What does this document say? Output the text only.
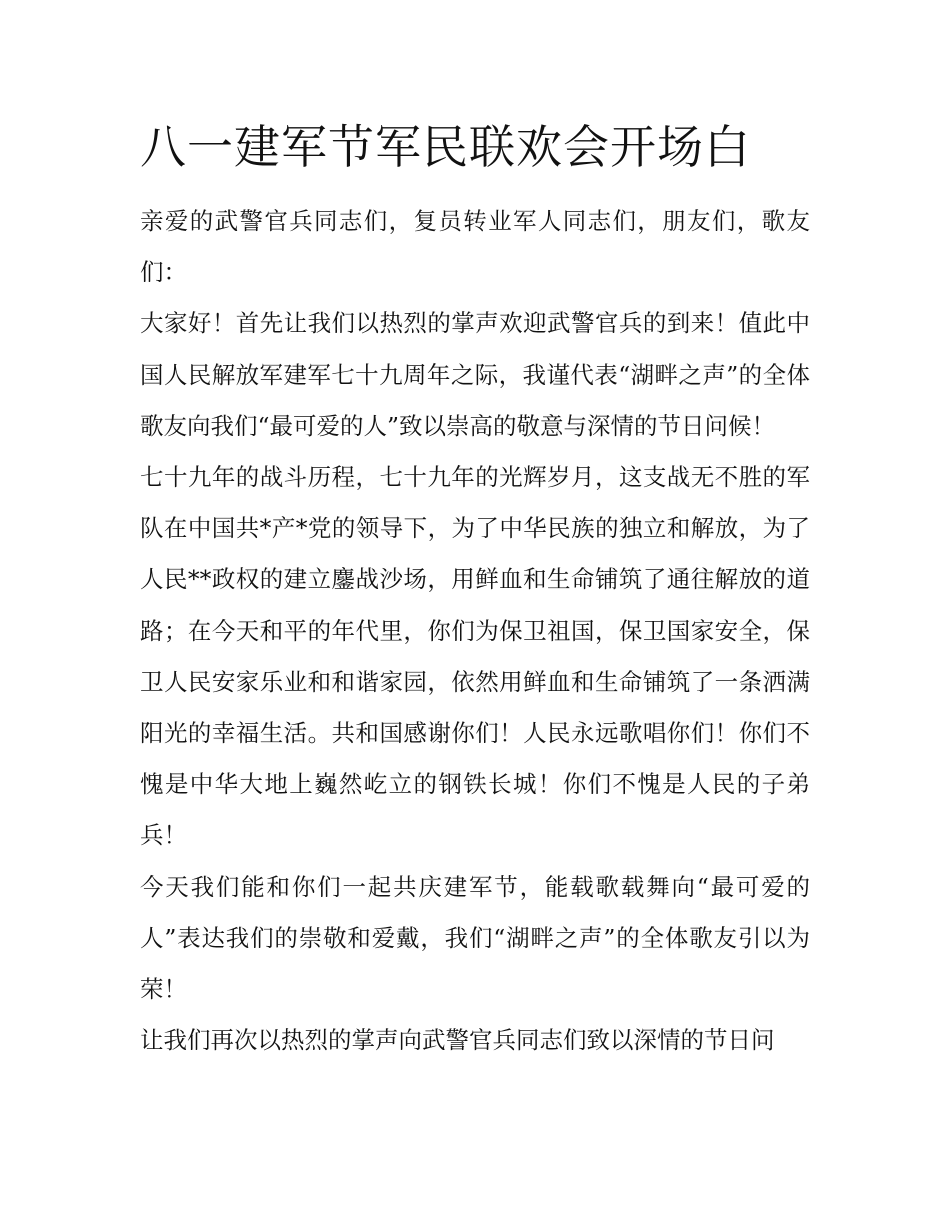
八一建军节军民联欢会开场白

亲爱的武警官兵同志们，复员转业军人同志们，朋友们，歌友们：

大家好！首先让我们以热烈的掌声欢迎武警官兵的到来！值此中国人民解放军建军七十九周年之际，我谨代表“湖畔之声”的全体歌友向我们“最可爱的人”致以崇高的敬意与深情的节日问候！

七十九年的战斗历程，七十九年的光辉岁月，这支战无不胜的军队在中国共*产*党的领导下，为了中华民族的独立和解放，为了人民**政权的建立鏖战沙场，用鲜血和生命铺筑了通往解放的道路；在今天和平的年代里，你们为保卫祖国，保卫国家安全，保卫人民安家乐业和和谐家园，依然用鲜血和生命铺筑了一条洒满阳光的幸福生活。共和国感谢你们！人民永远歌唱你们！你们不愧是中华大地上巍然屹立的钢铁长城！你们不愧是人民的子弟兵！

今天我们能和你们一起共庆建军节，能载歌载舞向“最可爱的人”表达我们的崇敬和爱戴，我们“湖畔之声”的全体歌友引以为荣！

让我们再次以热烈的掌声向武警官兵同志们致以深情的节日问
